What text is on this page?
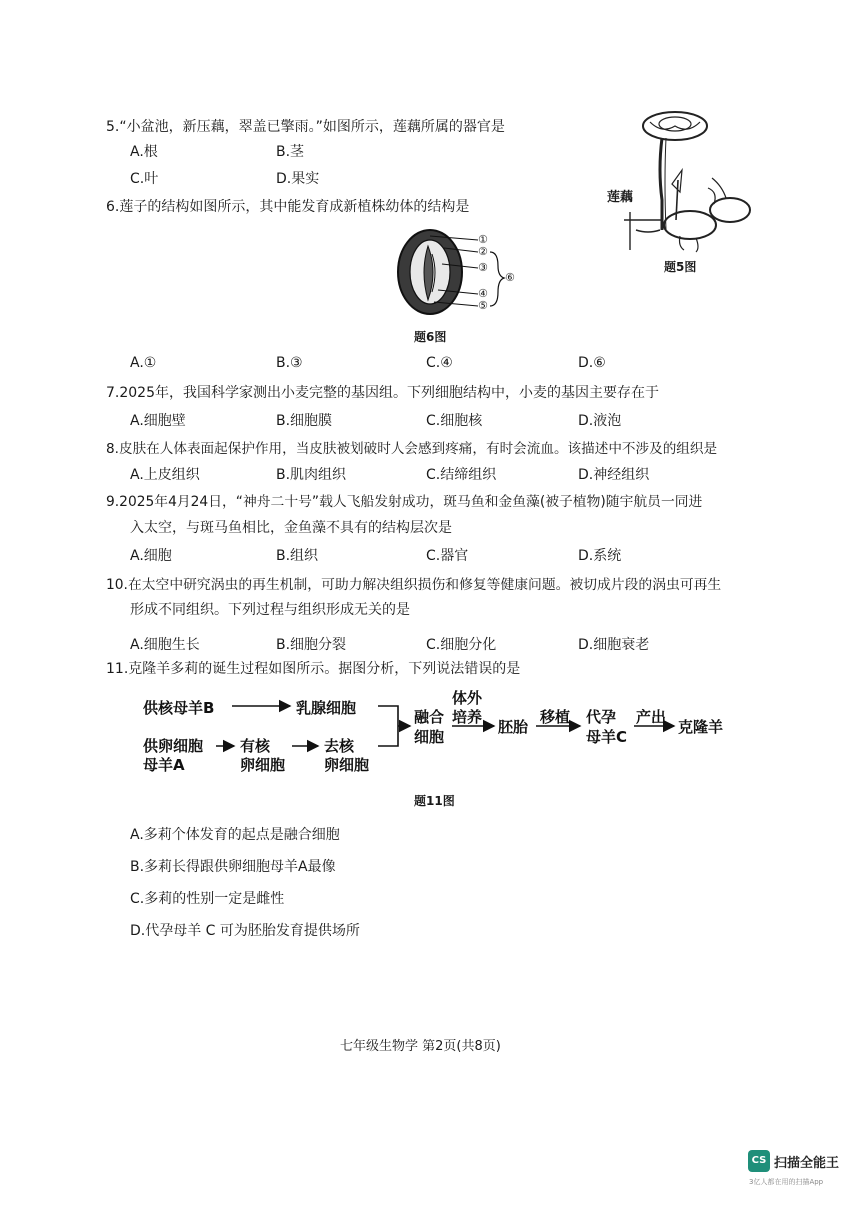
5.“小盆池，新压藕，翠盖已擎雨。”如图所示，莲藕所属的器官是
A.根	B.茎
C.叶	D.果实
莲藕
题5图
6.莲子的结构如图所示，其中能发育成新植株幼体的结构是
①
②
③
④
⑤
⑥
题6图
A.①	B.③	C.④	D.⑥
7.2025年，我国科学家测出小麦完整的基因组。下列细胞结构中，小麦的基因主要存在于
A.细胞壁	B.细胞膜	C.细胞核	D.液泡
8.皮肤在人体表面起保护作用，当皮肤被划破时人会感到疼痛，有时会流血。该描述中不涉及的组织是
A.上皮组织	B.肌肉组织	C.结缔组织	D.神经组织
9.2025年4月24日，“神舟二十号”载人飞船发射成功，斑马鱼和金鱼藻(被子植物)随宇航员一同进
入太空，与斑马鱼相比，金鱼藻不具有的结构层次是
A.细胞	B.组织	C.器官	D.系统
10.在太空中研究涡虫的再生机制，可助力解决组织损伤和修复等健康问题。被切成片段的涡虫可再生
形成不同组织。下列过程与组织形成无关的是
A.细胞生长	B.细胞分裂	C.细胞分化	D.细胞衰老
11.克隆羊多莉的诞生过程如图所示。据图分析，下列说法错误的是
供核母羊B	乳腺细胞
供卵细胞
母羊A
有核
卵细胞
去核
卵细胞
融合
细胞
体外
培养
胚胎
移植 代孕
母羊C
产出
克隆羊
题11图
A.多莉个体发育的起点是融合细胞
B.多莉长得跟供卵细胞母羊A最像
C.多莉的性别一定是雌性
D.代孕母羊 C 可为胚胎发育提供场所
七年级生物学 第2页(共8页)
CS 扫描全能王
3亿人都在用的扫描App
